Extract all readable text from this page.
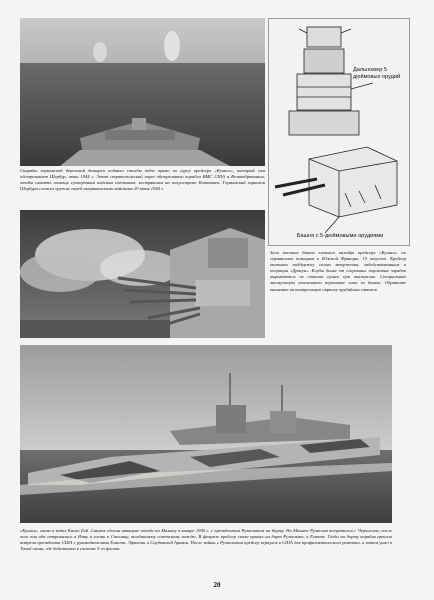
Снаряды германской береговой батареи подняли столбы воды прямо по курсу крейсера «Куинси», который сам обстреливает Шербур, июнь 1944 г. Этот стратегический порт обстреливали корабли ВМС США и Великобритании, чтобы оказать помощь сухопутным войскам союзников, застрявшим на полуострове Котантен. Германский гарнизон Шербура сложил оружие перед американскими войсками 29 июня 1944 г.

Дальномер 5 дюймовых орудий
Башня с 5-дюймовыми орудиями

Залп носовых башен главного калибра крейсера «Куинси» по германским позициям в Южной Франции, 15 августа. Крейсер оказывал поддержку силам вторжения, задействованным в операции «Драгун». Клубы дыма от сгоревших пороховых зарядов вырываются из стволов пушек при выстрелах. Специальные эксгаустеры отсасывали пороховые газы из башен. Обратите внимание на контрольную окраску орудийных стволов.

«Куинси» снова в водах Каско Бэй. Снимок сделан накануне похода на Мальту в январе 1945 г. с президентом Рузвельтом на борту. На Мальте Рузвельт встретился с Черчиллем, после чего они оба отправились в Ялту в гости к Сталину, тогдашнему советскому вождю. В феврале крейсер снова принял на борт Рузвельта, в Египте. Тогда на борту корабля прошли встречи президента США с руководителями Египта, Эфиопии и Саудовской Аравии. После войны с Рузвельтом крейсер вернулся в США для профилактического ремонта, а затем ушел в Тихий океан, где действовал в составе 5-го флота.

20
